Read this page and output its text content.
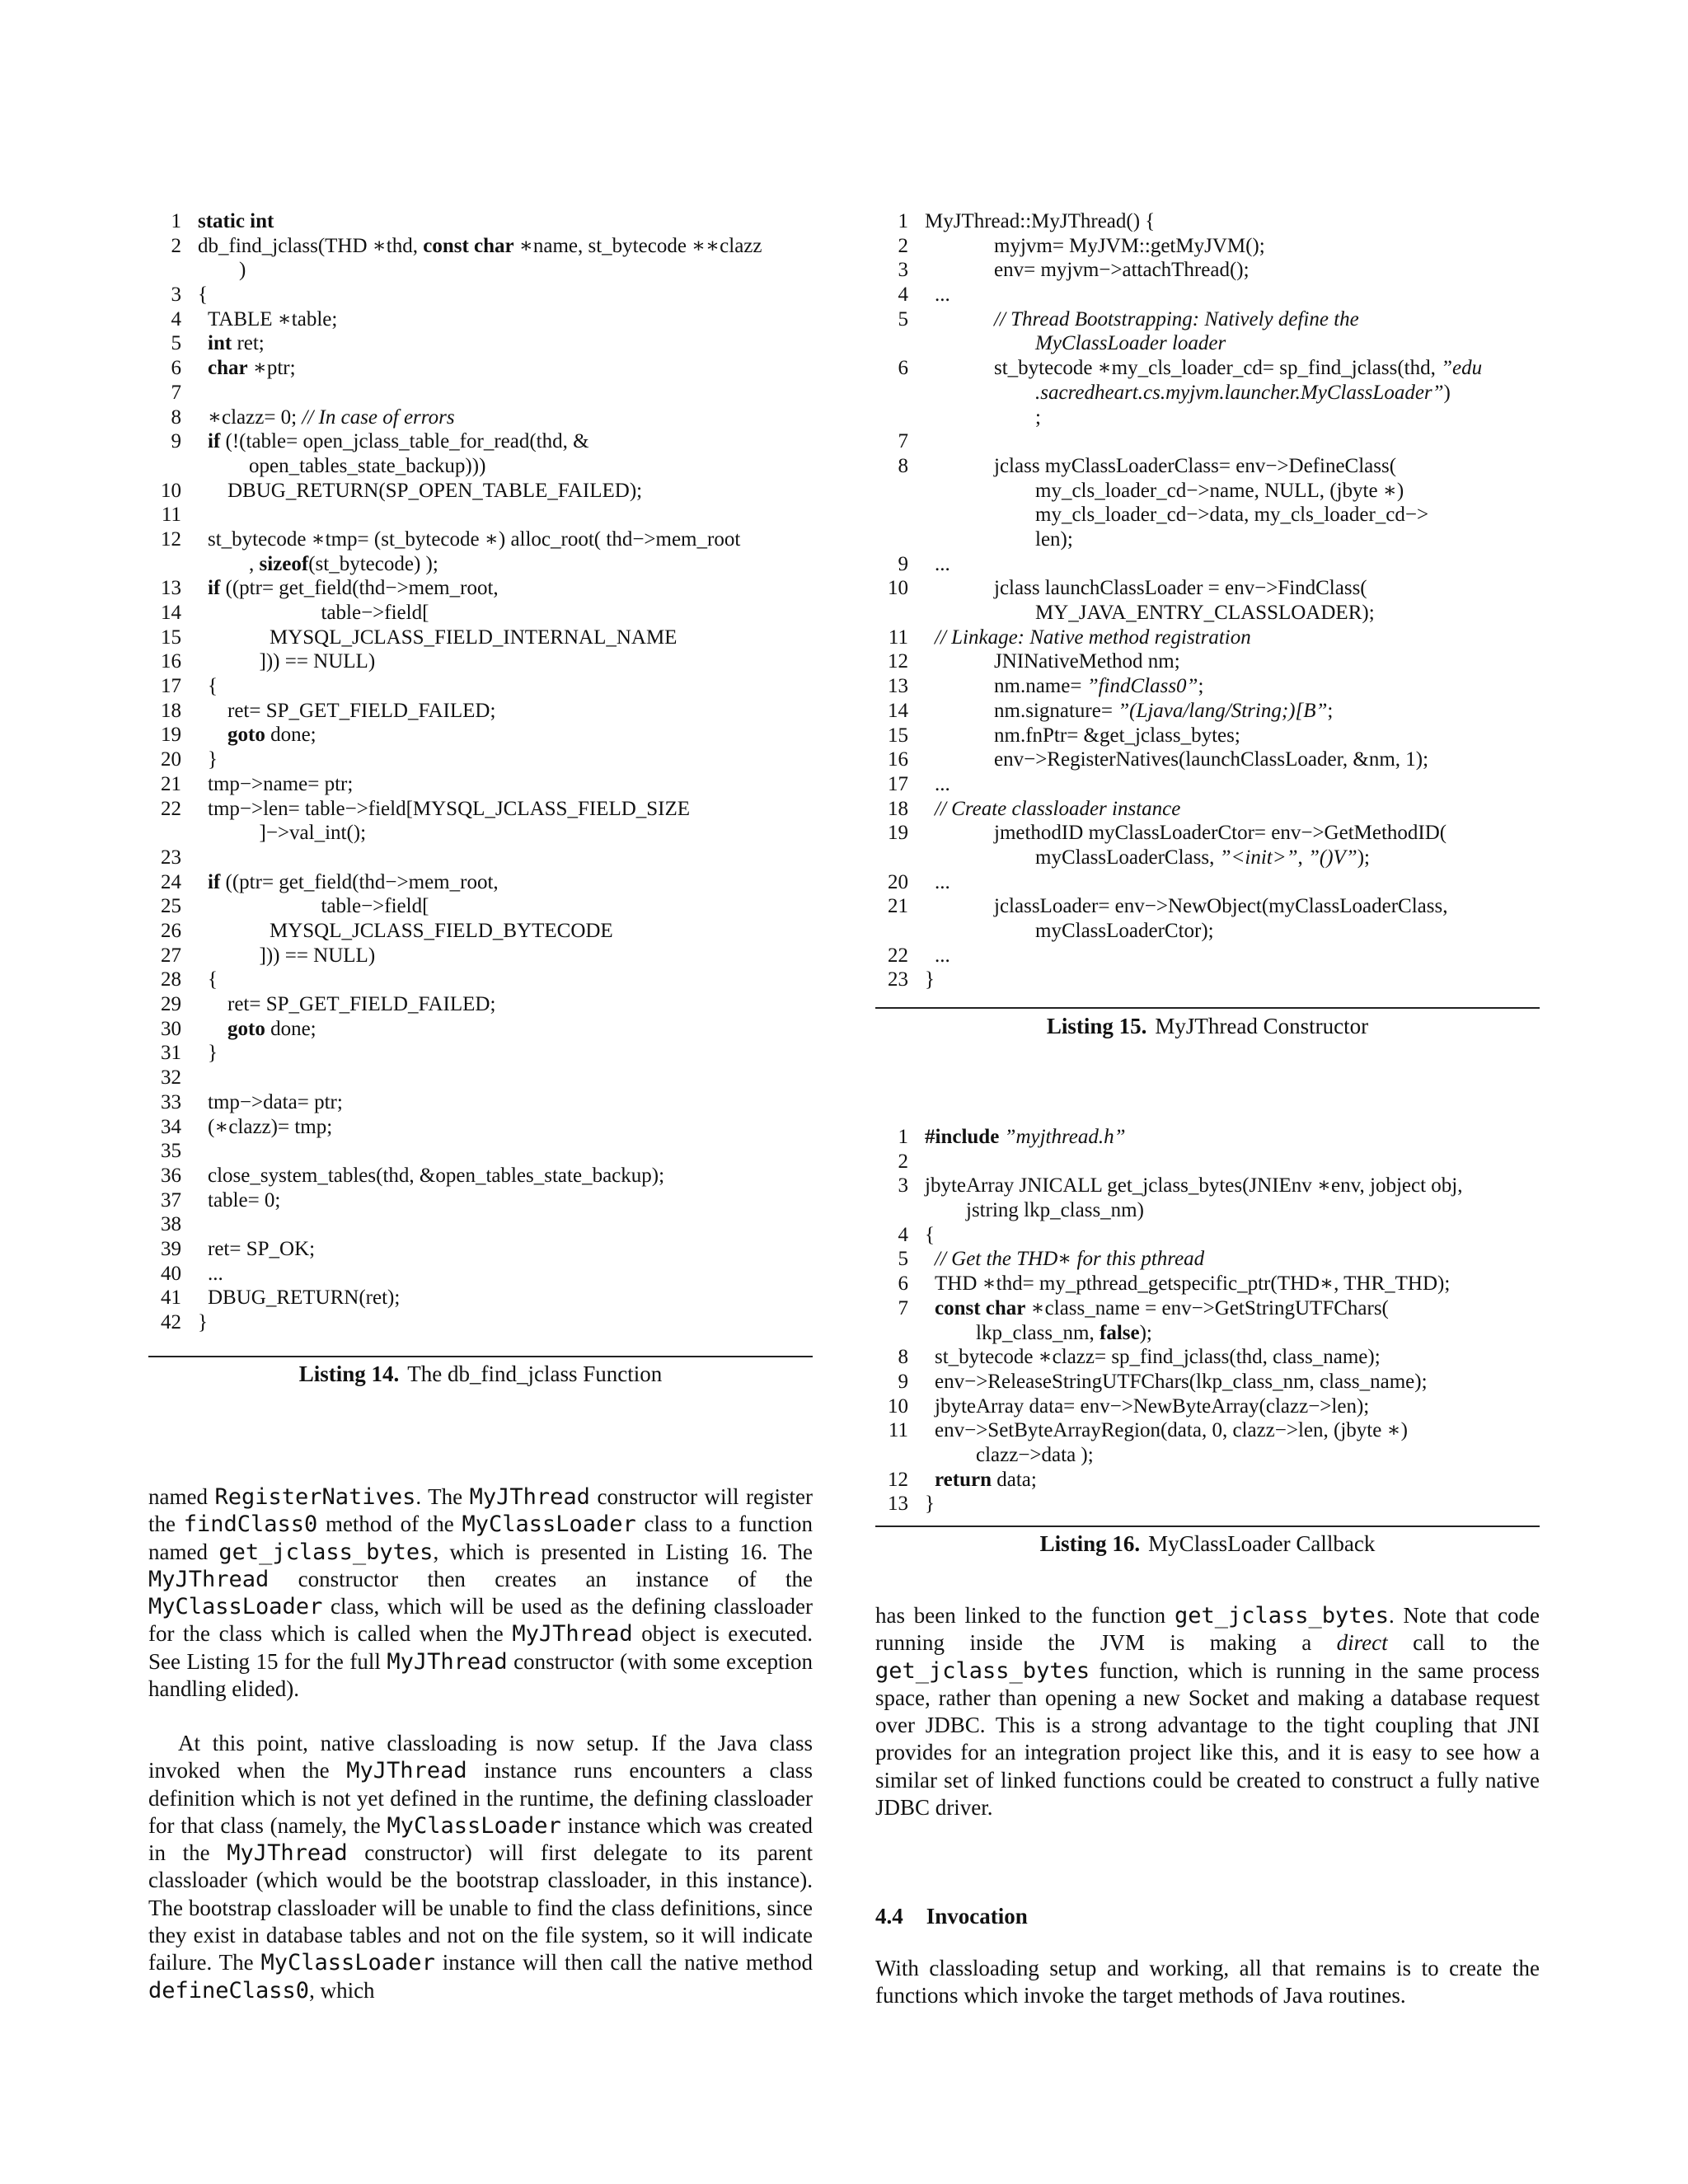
1 static int
2 db_find_jclass(THD ∗thd, const char ∗name, st_bytecode ∗∗clazz
)
3 {
4 TABLE ∗table;
5 int ret;
6 char ∗ptr;
7
8 ∗clazz= 0; // In case of errors
9 if (!(table= open_jclass_table_for_read(thd, &
open_tables_state_backup)))
10 DBUG_RETURN(SP_OPEN_TABLE_FAILED);
11
12 st_bytecode ∗tmp= (st_bytecode ∗) alloc_root( thd−>mem_root
, sizeof(st_bytecode) );
13 if ((ptr= get_field(thd−>mem_root,
14 table−>field[
15 MYSQL_JCLASS_FIELD_INTERNAL_NAME
16 ])) == NULL)
17 {
18 ret= SP_GET_FIELD_FAILED;
19 goto done;
20 }
21 tmp−>name= ptr;
22 tmp−>len= table−>field[MYSQL_JCLASS_FIELD_SIZE
]−>val_int();
23
24 if ((ptr= get_field(thd−>mem_root,
25 table−>field[
26 MYSQL_JCLASS_FIELD_BYTECODE
27 ])) == NULL)
28 {
29 ret= SP_GET_FIELD_FAILED;
30 goto done;
31 }
32
33 tmp−>data= ptr;
34 (∗clazz)= tmp;
35
36 close_system_tables(thd, &open_tables_state_backup);
37 table= 0;
38
39 ret= SP_OK;
40 ...
41 DBUG_RETURN(ret);
42 }
Listing 14. The db_find_jclass Function

named RegisterNatives. The MyJThread constructor will register the findClass0 method of the MyClassLoader class to a function named get_jclass_bytes, which is presented in Listing 16. The MyJThread constructor then creates an instance of the MyClassLoader class, which will be used as the defining classloader for the class which is called when the MyJThread object is executed. See Listing 15 for the full MyJThread constructor (with some exception handling elided).

At this point, native classloading is now setup. If the Java class invoked when the MyJThread instance runs encounters a class definition which is not yet defined in the runtime, the defining classloader for that class (namely, the MyClassLoader instance which was created in the MyJThread constructor) will first delegate to its parent classloader (which would be the bootstrap classloader, in this instance). The bootstrap classloader will be unable to find the class definitions, since they exist in database tables and not on the file system, so it will indicate failure. The MyClassLoader instance will then call the native method defineClass0, which

1 MyJThread::MyJThread() {
2	myjvm= MyJVM::getMyJVM();
3	env= myjvm−>attachThread();
4 ...
5	// Thread Bootstrapping: Natively define the
MyClassLoader loader
6	st_bytecode ∗my_cls_loader_cd= sp_find_jclass(thd, ”edu
.sacredheart.cs.myjvm.launcher.MyClassLoader”)
;
7
8	jclass myClassLoaderClass= env−>DefineClass(
my_cls_loader_cd−>name, NULL, (jbyte ∗)
my_cls_loader_cd−>data, my_cls_loader_cd−>
len);
9 ...
10	jclass launchClassLoader = env−>FindClass(
MY_JAVA_ENTRY_CLASSLOADER);
11 // Linkage: Native method registration
12	JNINativeMethod nm;
13	nm.name= ”findClass0”;
14	nm.signature= ”(Ljava/lang/String;)[B”;
15	nm.fnPtr= &get_jclass_bytes;
16	env−>RegisterNatives(launchClassLoader, &nm, 1);
17 ...
18 // Create classloader instance
19	jmethodID myClassLoaderCtor= env−>GetMethodID(
myClassLoaderClass, ”<init>”, ”()V”);
20 ...
21	jclassLoader= env−>NewObject(myClassLoaderClass,
myClassLoaderCtor);
22 ...
23 }
Listing 15. MyJThread Constructor
1 #include ”myjthread.h”
2
3 jbyteArray JNICALL get_jclass_bytes(JNIEnv ∗env, jobject obj,
jstring lkp_class_nm)
4 {
5 // Get the THD∗ for this pthread
6 THD ∗thd= my_pthread_getspecific_ptr(THD∗, THR_THD);
7 const char ∗class_name = env−>GetStringUTFChars(
lkp_class_nm, false);
8 st_bytecode ∗clazz= sp_find_jclass(thd, class_name);
9 env−>ReleaseStringUTFChars(lkp_class_nm, class_name);
10 jbyteArray data= env−>NewByteArray(clazz−>len);
11 env−>SetByteArrayRegion(data, 0, clazz−>len, (jbyte ∗)
clazz−>data );
12 return data;
13 }
Listing 16. MyClassLoader Callback

has been linked to the function get_jclass_bytes. Note that code running inside the JVM is making a direct call to the get_jclass_bytes function, which is running in the same process space, rather than opening a new Socket and making a database request over JDBC. This is a strong advantage to the tight coupling that JNI provides for an integration project like this, and it is easy to see how a similar set of linked functions could be created to construct a fully native JDBC driver.

4.4 Invocation

With classloading setup and working, all that remains is to create the functions which invoke the target methods of Java routines.
